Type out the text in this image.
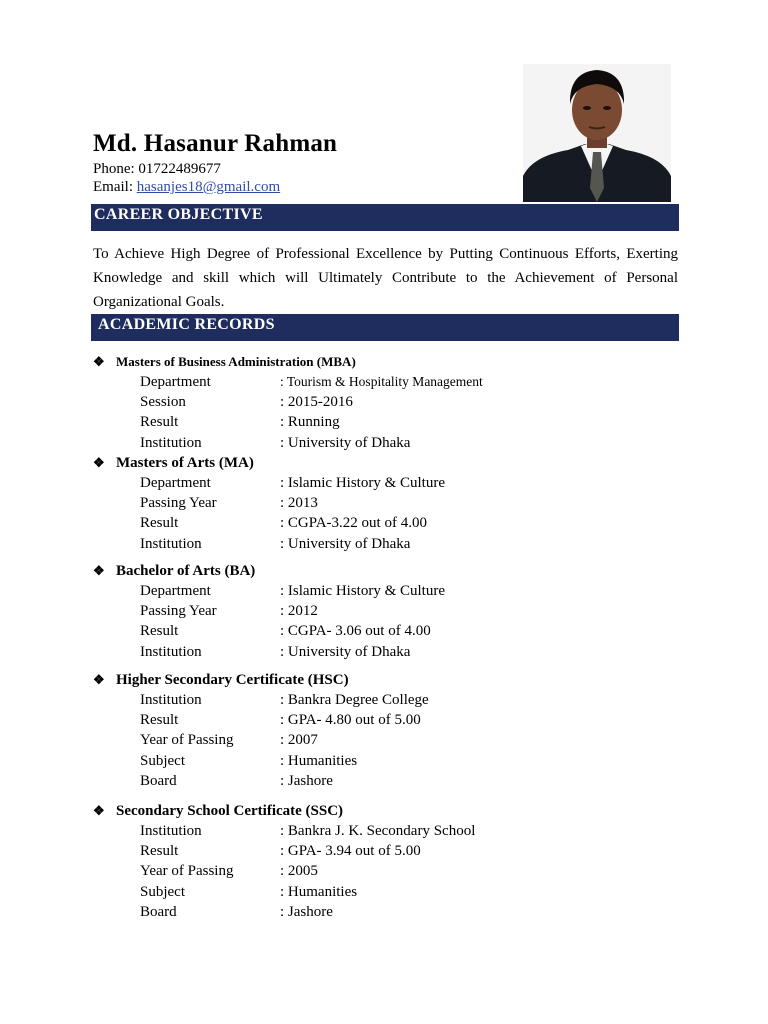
Md. Hasanur Rahman
Phone: 01722489677
Email: hasanjes18@gmail.com
CAREER OBJECTIVE

To Achieve High Degree of Professional Excellence by Putting Continuous Efforts, Exerting Knowledge and skill which will Ultimately Contribute to the Achievement of Personal Organizational Goals.

ACADEMIC RECORDS
❖ Masters of Business Administration (MBA)
Department	: Tourism & Hospitality Management
Session	: 2015-2016
Result	: Running
Institution	: University of Dhaka
❖ Masters of Arts (MA)
Department	: Islamic History & Culture
Passing Year	: 2013
Result	: CGPA-3.22 out of 4.00
Institution	: University of Dhaka
❖ Bachelor of Arts (BA)
Department	: Islamic History & Culture
Passing Year	: 2012
Result	: CGPA- 3.06 out of 4.00
Institution	: University of Dhaka
❖ Higher Secondary Certificate (HSC)
Institution	: Bankra Degree College
Result	: GPA- 4.80 out of 5.00
Year of Passing	: 2007
Subject	: Humanities
Board	: Jashore
❖ Secondary School Certificate (SSC)
Institution	: Bankra J. K. Secondary School
Result	: GPA- 3.94 out of 5.00
Year of Passing	: 2005
Subject	: Humanities
Board	: Jashore
